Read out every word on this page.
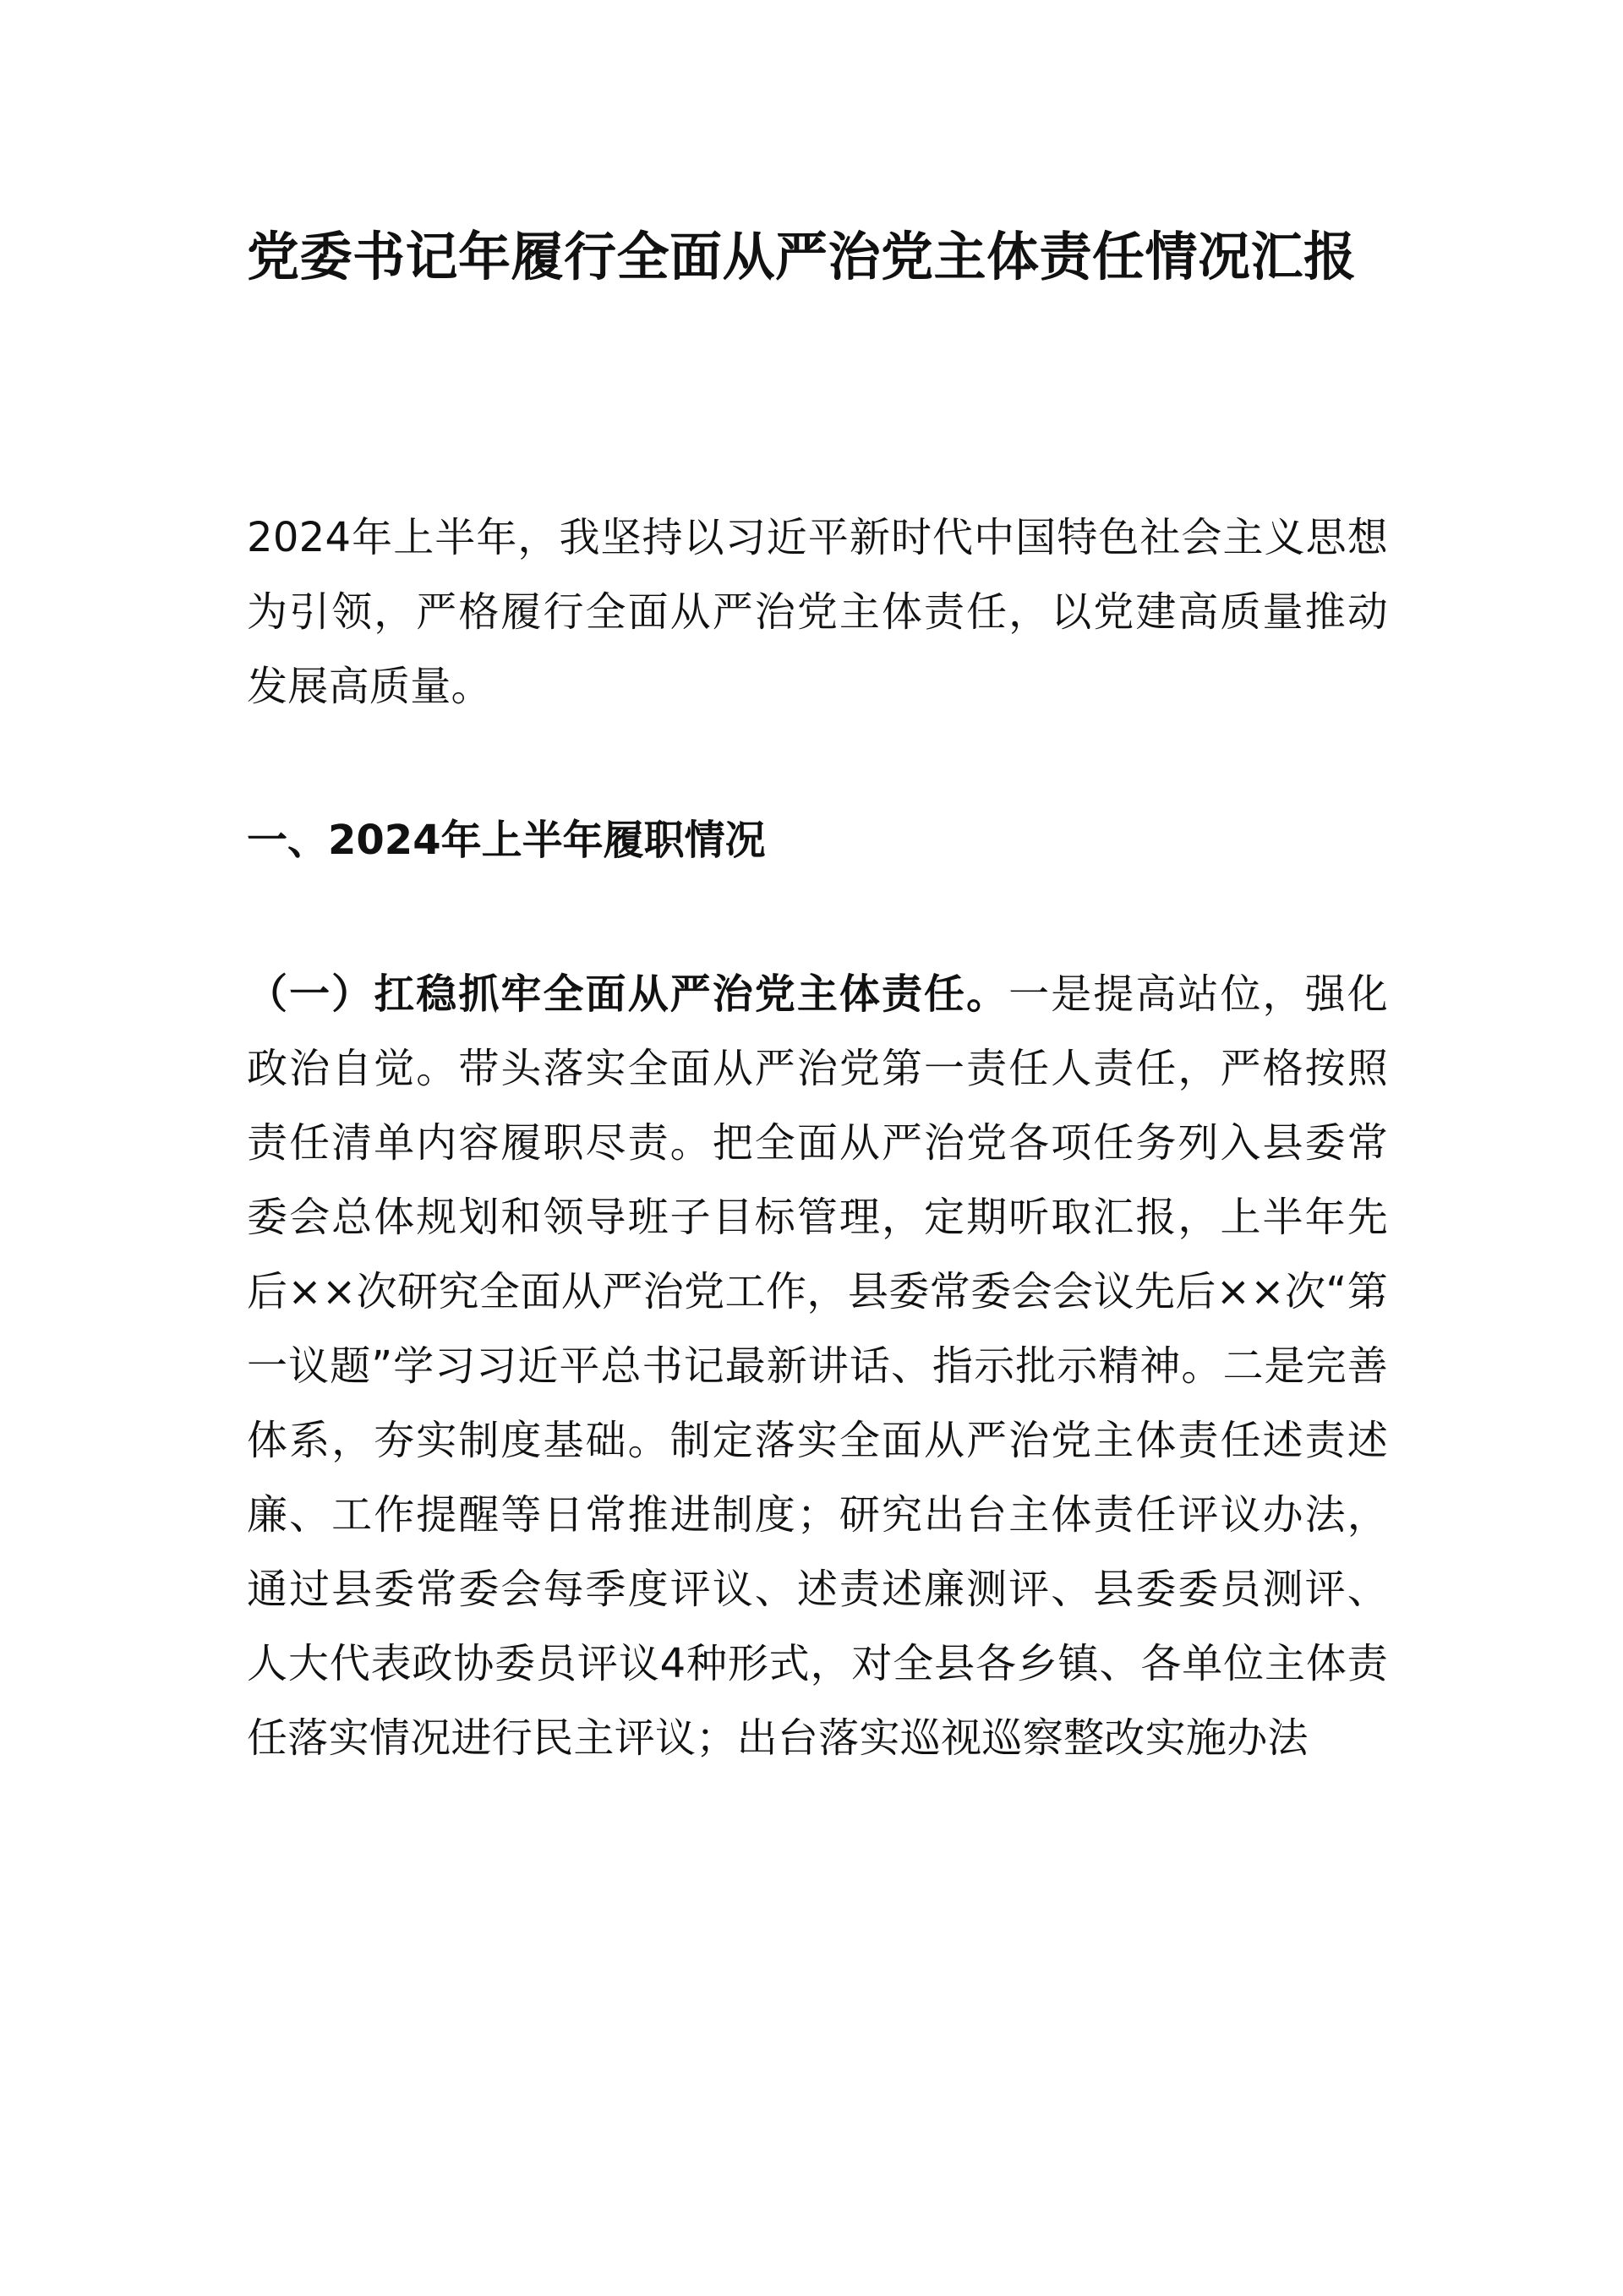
党委书记年履行全面从严治党主体责任情况汇报

2024年上半年，我坚持以习近平新时代中国特色社会主义思想为引领，严格履行全面从严治党主体责任，以党建高质量推动发展高质量。

一、2024年上半年履职情况

（一）扛稳抓牢全面从严治党主体责任。一是提高站位，强化政治自觉。带头落实全面从严治党第一责任人责任，严格按照责任清单内容履职尽责。把全面从严治党各项任务列入县委常委会总体规划和领导班子目标管理，定期听取汇报，上半年先后××次研究全面从严治党工作，县委常委会会议先后××次“第一议题”学习习近平总书记最新讲话、指示批示精神。二是完善体系，夯实制度基础。制定落实全面从严治党主体责任述责述廉、工作提醒等日常推进制度；研究出台主体责任评议办法，通过县委常委会每季度评议、述责述廉测评、县委委员测评、人大代表政协委员评议4种形式，对全县各乡镇、各单位主体责任落实情况进行民主评议；出台落实巡视巡察整改实施办法
